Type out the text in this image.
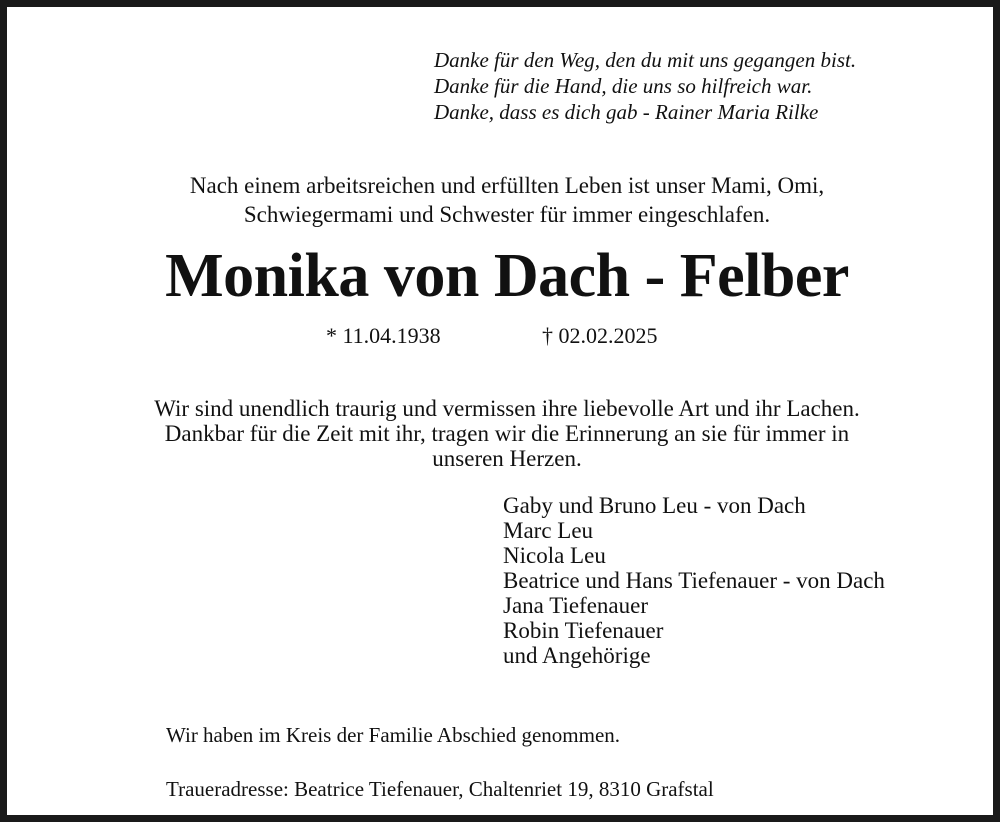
Danke für den Weg, den du mit uns gegangen bist.
Danke für die Hand, die uns so hilfreich war.
Danke, dass es dich gab - Rainer Maria Rilke
Nach einem arbeitsreichen und erfüllten Leben ist unser Mami, Omi,
Schwiegermami und Schwester für immer eingeschlafen.
Monika von Dach - Felber
* 11.04.1938	† 02.02.2025
Wir sind unendlich traurig und vermissen ihre liebevolle Art und ihr Lachen.
Dankbar für die Zeit mit ihr, tragen wir die Erinnerung an sie für immer in
unseren Herzen.
Gaby und Bruno Leu - von Dach
Marc Leu
Nicola Leu
Beatrice und Hans Tiefenauer - von Dach
Jana Tiefenauer
Robin Tiefenauer
und Angehörige
Wir haben im Kreis der Familie Abschied genommen.
Traueradresse: Beatrice Tiefenauer, Chaltenriet 19, 8310 Grafstal
